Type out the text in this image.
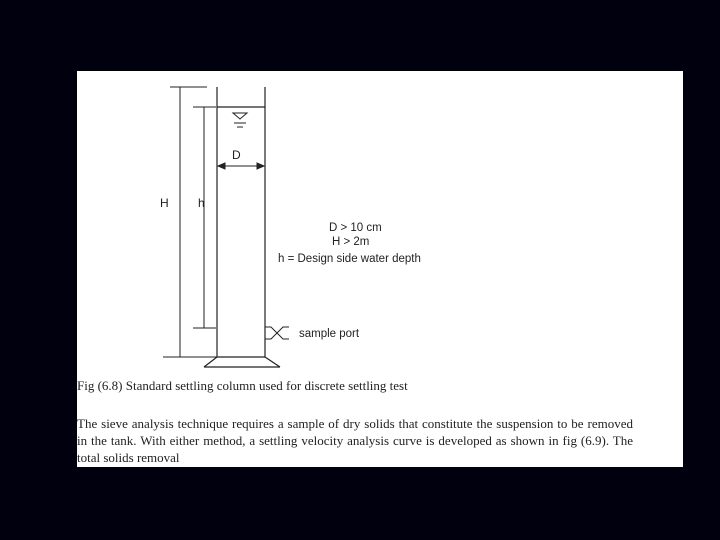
H h
D
D > 10 cm
H > 2m
h = Design side water depth
sample port

Fig (6.8) Standard settling column used for discrete settling test

The sieve analysis technique requires a sample of dry solids that constitute the suspension to be removed in the tank. With either method, a settling velocity analysis curve is developed as shown in fig (6.9). The total solids removal
